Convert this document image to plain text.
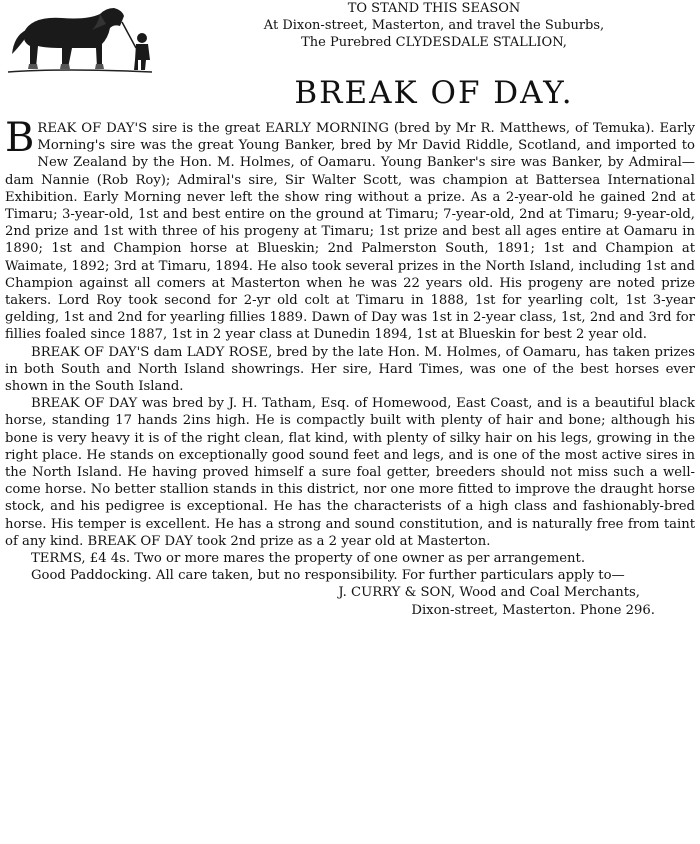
TO STAND THIS SEASON
At Dixon-street, Masterton, and travel the Suburbs,
The Purebred CLYDESDALE STALLION,
BREAK OF DAY.

BREAK OF DAY'S sire is the great EARLY MORNING (bred by Mr R. Matthews, of Temuka). Early Morning's sire was the great Young Banker, bred by Mr David Riddle, Scotland, and imported to New Zealand by the Hon. M. Holmes, of Oamaru. Young Banker's sire was Banker, by Admiral—dam Nannie (Rob Roy); Admiral's sire, Sir Walter Scott, was champion at Battersea International Exhibition. Early Morning never left the show ring without a prize. As a 2-year-old he gained 2nd at Timaru; 3-year-old, 1st and best entire on the ground at Timaru; 7-year-old, 2nd at Timaru; 9-year-old, 2nd prize and 1st with three of his progeny at Timaru; 1st prize and best all ages entire at Oamaru in 1890; 1st and Champion horse at Blueskin; 2nd Palmerston South, 1891; 1st and Champion at Waimate, 1892; 3rd at Timaru, 1894. He also took several prizes in the North Island, including 1st and Champion against all comers at Masterton when he was 22 years old. His progeny are noted prize takers. Lord Roy took second for 2-yr old colt at Timaru in 1888, 1st for yearling colt, 1st 3-year gelding, 1st and 2nd for yearling fillies 1889. Dawn of Day was 1st in 2-year class, 1st, 2nd and 3rd for fillies foaled since 1887, 1st in 2 year class at Dunedin 1894, 1st at Blueskin for best 2 year old.

BREAK OF DAY'S dam LADY ROSE, bred by the late Hon. M. Holmes, of Oamaru, has taken prizes in both South and North Island showrings. Her sire, Hard Times, was one of the best horses ever shown in the South Island.

BREAK OF DAY was bred by J. H. Tatham, Esq. of Homewood, East Coast, and is a beautiful black horse, standing 17 hands 2ins high. He is compactly built with plenty of hair and bone; although his bone is very heavy it is of the right clean, flat kind, with plenty of silky hair on his legs, growing in the right place. He stands on exceptionally good sound feet and legs, and is one of the most active sires in the North Island. He having proved himself a sure foal getter, breeders should not miss such a well-come horse. No better stallion stands in this district, nor one more fitted to improve the draught horse stock, and his pedigree is exceptional. He has the characterists of a high class and fashionably-bred horse. His temper is excellent. He has a strong and sound constitution, and is naturally free from taint of any kind. BREAK OF DAY took 2nd prize as a 2 year old at Masterton.

TERMS, £4 4s. Two or more mares the property of one owner as per arrangement.

Good Paddocking. All care taken, but no responsibility. For further particulars apply to—

J. CURRY & SON, Wood and Coal Merchants,
Dixon-street, Masterton. Phone 296.
